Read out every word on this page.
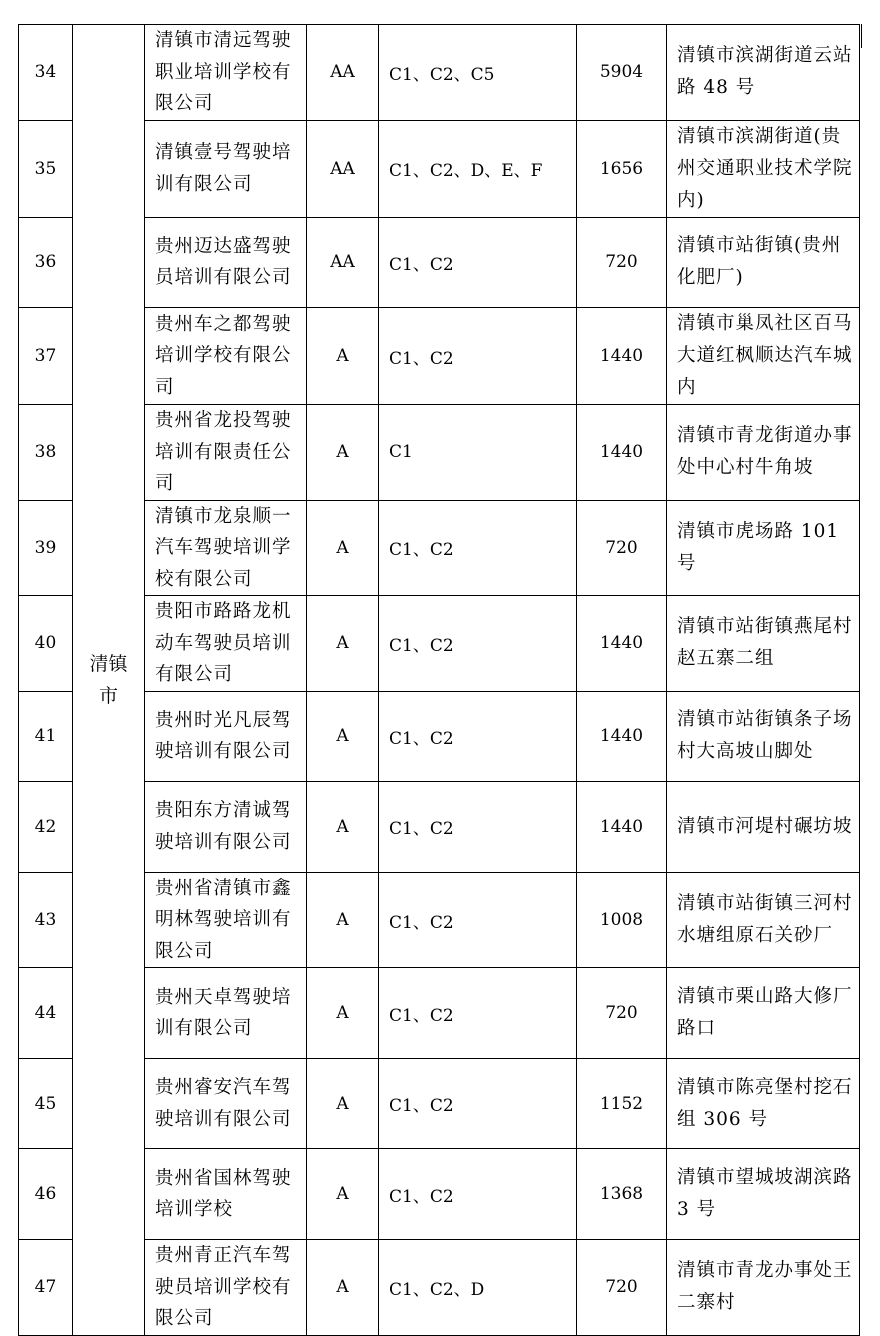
34	清镇市	清镇市清远驾驶职业培训学校有限公司	AA	C1、C2、C5	5904	清镇市滨湖街道云站路 48 号
35		清镇壹号驾驶培训有限公司	AA	C1、C2、D、E、F	1656	清镇市滨湖街道(贵州交通职业技术学院内)
36		贵州迈达盛驾驶员培训有限公司	AA	C1、C2	720	清镇市站街镇(贵州化肥厂)
37		贵州车之都驾驶培训学校有限公司	A	C1、C2	1440	清镇市巢凤社区百马大道红枫顺达汽车城内
38		贵州省龙投驾驶培训有限责任公司	A	C1	1440	清镇市青龙街道办事处中心村牛角坡
39		清镇市龙泉顺一汽车驾驶培训学校有限公司	A	C1、C2	720	清镇市虎场路 101 号
40		贵阳市路路龙机动车驾驶员培训有限公司	A	C1、C2	1440	清镇市站街镇燕尾村赵五寨二组
41		贵州时光凡辰驾驶培训有限公司	A	C1、C2	1440	清镇市站街镇条子场村大高坡山脚处
42		贵阳东方清诚驾驶培训有限公司	A	C1、C2	1440	清镇市河堤村碾坊坡
43		贵州省清镇市鑫明林驾驶培训有限公司	A	C1、C2	1008	清镇市站街镇三河村水塘组原石关砂厂
44		贵州天卓驾驶培训有限公司	A	C1、C2	720	清镇市栗山路大修厂路口
45		贵州睿安汽车驾驶培训有限公司	A	C1、C2	1152	清镇市陈亮堡村挖石组 306 号
46		贵州省国林驾驶培训学校	A	C1、C2	1368	清镇市望城坡湖滨路 3 号
47		贵州青正汽车驾驶员培训学校有限公司	A	C1、C2、D	720	清镇市青龙办事处王二寨村
